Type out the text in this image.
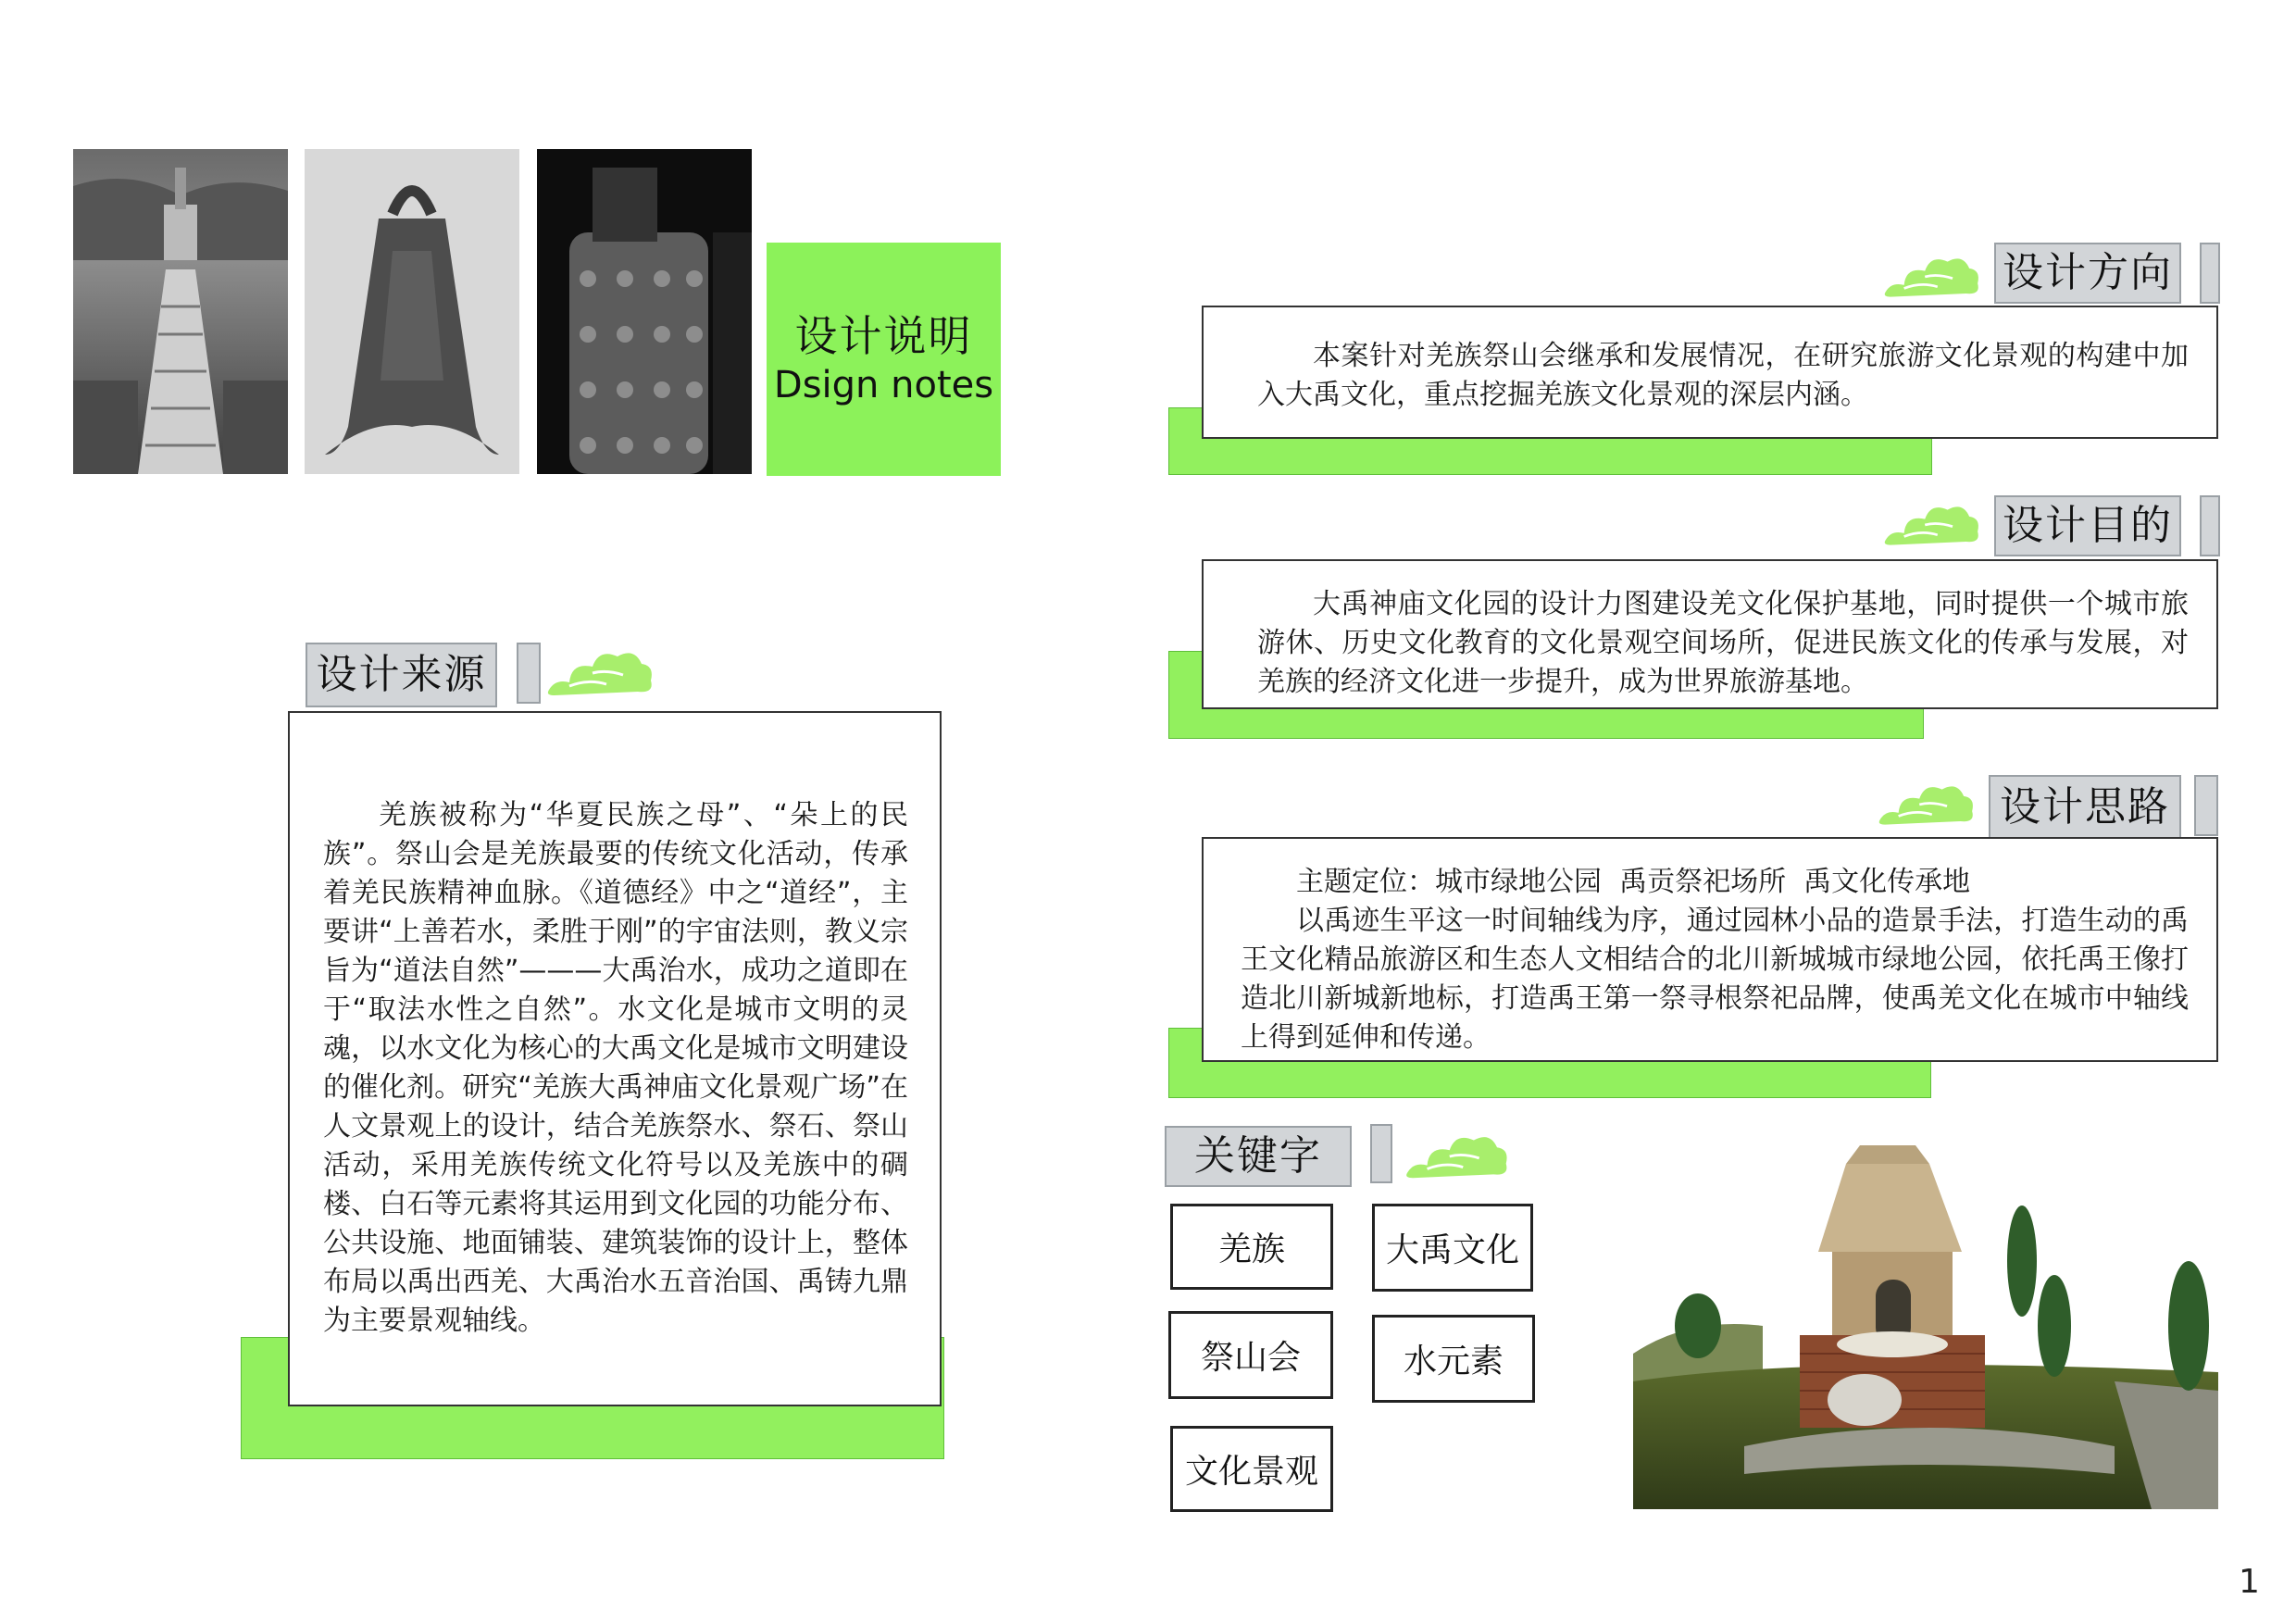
设计说明
Dsign notes
设计来源

羌族被称为“华夏民族之母”、“朵上的民族”。祭山会是羌族最要的传统文化活动，传承着羌民族精神血脉。《道德经》中之“道经”，主要讲“上善若水，柔胜于刚”的宇宙法则，教义宗旨为“道法自然”———大禹治水，成功之道即在于“取法水性之自然”。水文化是城市文明的灵魂，以水文化为核心的大禹文化是城市文明建设的催化剂。研究“羌族大禹神庙文化景观广场”在人文景观上的设计，结合羌族祭水、祭石、祭山活动，采用羌族传统文化符号以及羌族中的碉楼、白石等元素将其运用到文化园的功能分布、公共设施、地面铺装、建筑装饰的设计上，整体布局以禹出西羌、大禹治水五音治国、禹铸九鼎为主要景观轴线。

设计方向

本案针对羌族祭山会继承和发展情况，在研究旅游文化景观的构建中加入大禹文化，重点挖掘羌族文化景观的深层内涵。

设计目的

大禹神庙文化园的设计力图建设羌文化保护基地，同时提供一个城市旅游休、历史文化教育的文化景观空间场所，促进民族文化的传承与发展，对羌族的经济文化进一步提升，成为世界旅游基地。

设计思路

主题定位：城市绿地公园  禹贡祭祀场所  禹文化传承地

以禹迹生平这一时间轴线为序，通过园林小品的造景手法，打造生动的禹王文化精品旅游区和生态人文相结合的北川新城城市绿地公园，依托禹王像打造北川新城新地标，打造禹王第一祭寻根祭祀品牌，使禹羌文化在城市中轴线上得到延伸和传递。

关键字
羌族	大禹文化
祭山会	水元素
文化景观
1
